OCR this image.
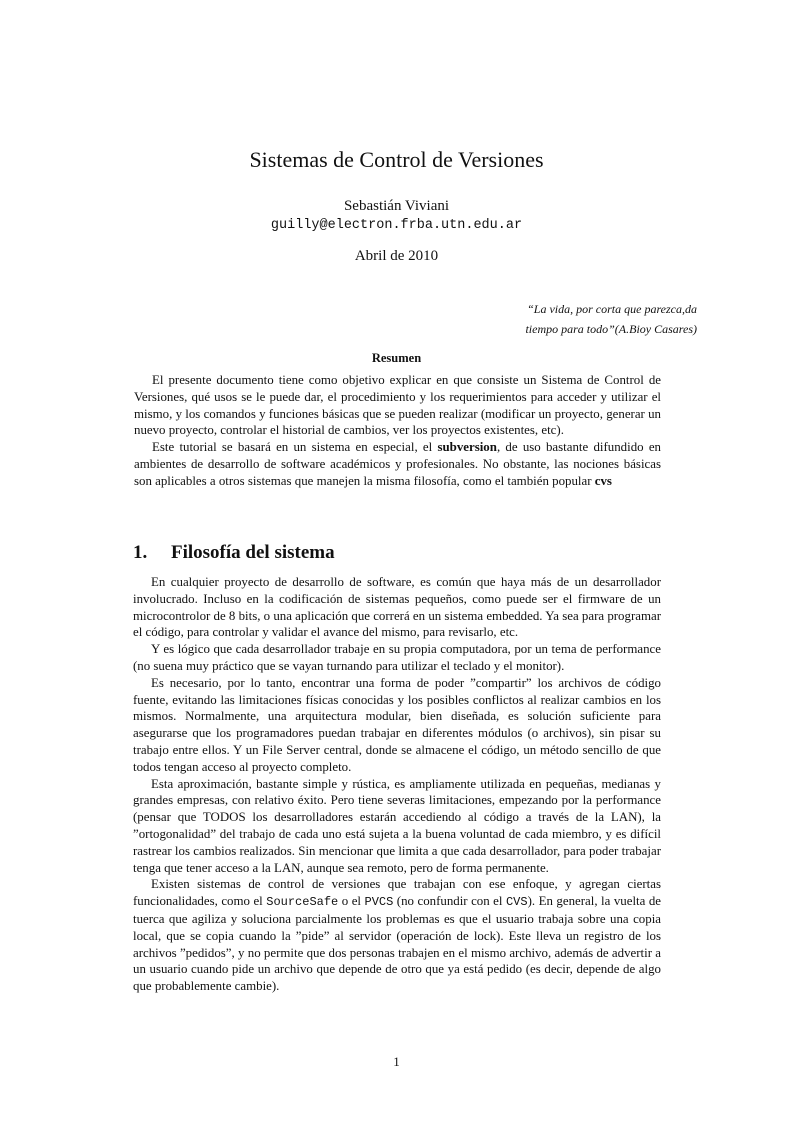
Sistemas de Control de Versiones
Sebastián Viviani
guilly@electron.frba.utn.edu.ar
Abril de 2010
“La vida, por corta que parezca,da
tiempo para todo”(A.Bioy Casares)
Resumen

El presente documento tiene como objetivo explicar en que consiste un Sistema de Control de Versiones, qué usos se le puede dar, el procedimiento y los requerimientos para acceder y utilizar el mismo, y los comandos y funciones básicas que se pueden realizar (modificar un proyecto, generar un nuevo proyecto, controlar el historial de cambios, ver los proyectos existentes, etc).

Este tutorial se basará en un sistema en especial, el subversion, de uso bastante difundido en ambientes de desarrollo de software académicos y profesionales. No obstante, las nociones básicas son aplicables a otros sistemas que manejen la misma filosofía, como el también popular cvs

1. Filosofía del sistema

En cualquier proyecto de desarrollo de software, es común que haya más de un desarrollador involucrado. Incluso en la codificación de sistemas pequeños, como puede ser el firmware de un microcontrolor de 8 bits, o una aplicación que correrá en un sistema embedded. Ya sea para programar el código, para controlar y validar el avance del mismo, para revisarlo, etc.

Y es lógico que cada desarrollador trabaje en su propia computadora, por un tema de performance (no suena muy práctico que se vayan turnando para utilizar el teclado y el monitor).

Es necesario, por lo tanto, encontrar una forma de poder ”compartir” los archivos de código fuente, evitando las limitaciones físicas conocidas y los posibles conflictos al realizar cambios en los mismos. Normalmente, una arquitectura modular, bien diseñada, es solución suficiente para asegurarse que los programadores puedan trabajar en diferentes módulos (o archivos), sin pisar su trabajo entre ellos. Y un File Server central, donde se almacene el código, un método sencillo de que todos tengan acceso al proyecto completo.

Esta aproximación, bastante simple y rústica, es ampliamente utilizada en pequeñas, medianas y grandes empresas, con relativo éxito. Pero tiene severas limitaciones, empezando por la performance (pensar que TODOS los desarrolladores estarán accediendo al código a través de la LAN), la ”ortogonalidad” del trabajo de cada uno está sujeta a la buena voluntad de cada miembro, y es difícil rastrear los cambios realizados. Sin mencionar que limita a que cada desarrollador, para poder trabajar tenga que tener acceso a la LAN, aunque sea remoto, pero de forma permanente.

Existen sistemas de control de versiones que trabajan con ese enfoque, y agregan ciertas funcionalidades, como el SourceSafe o el PVCS (no confundir con el CVS). En general, la vuelta de tuerca que agiliza y soluciona parcialmente los problemas es que el usuario trabaja sobre una copia local, que se copia cuando la ”pide” al servidor (operación de lock). Este lleva un registro de los archivos ”pedidos”, y no permite que dos personas trabajen en el mismo archivo, además de advertir a un usuario cuando pide un archivo que depende de otro que ya está pedido (es decir, depende de algo que probablemente cambie).

1
